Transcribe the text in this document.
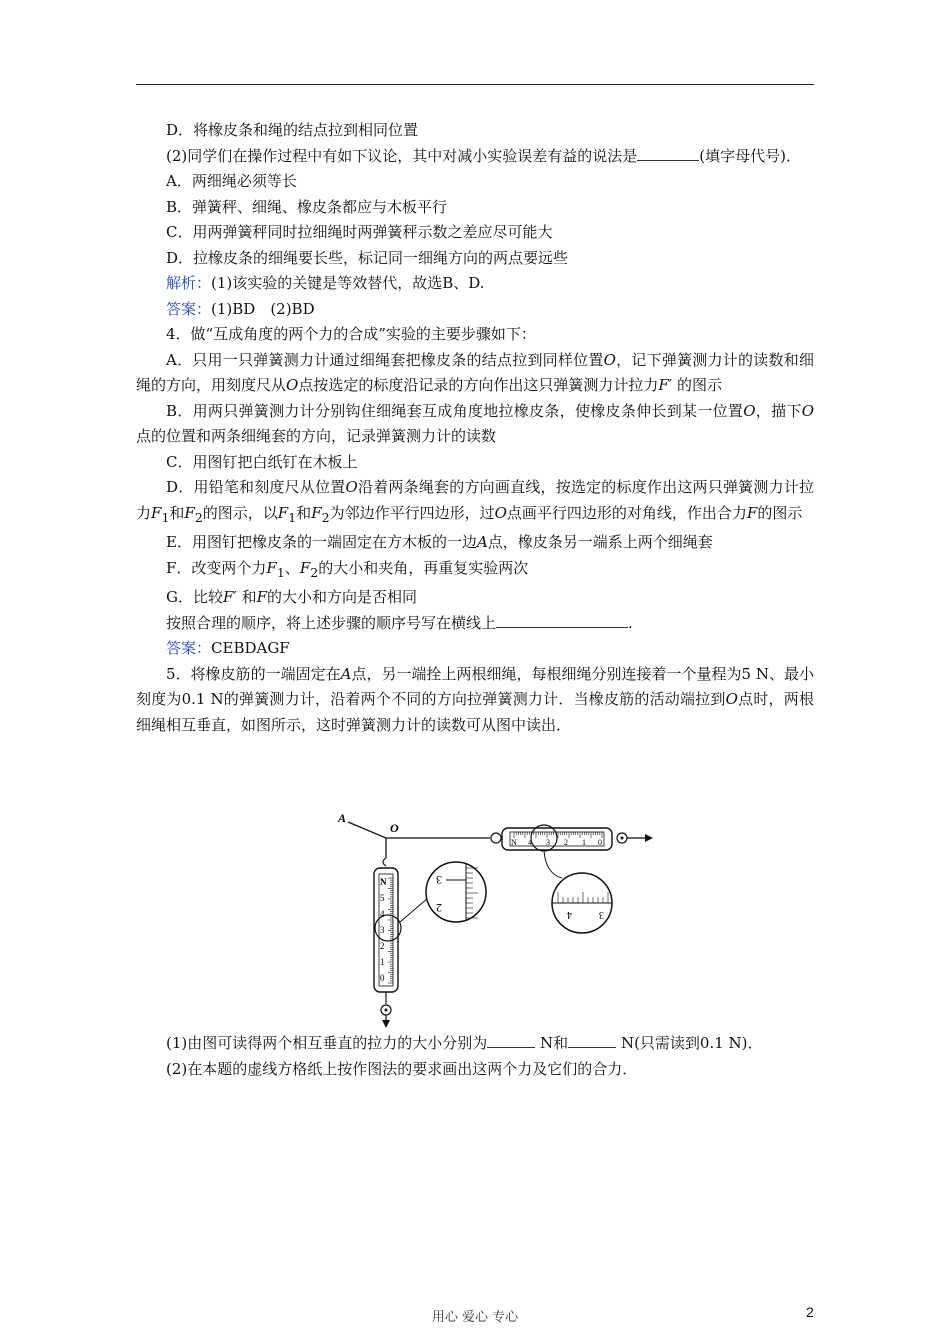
D．将橡皮条和绳的结点拉到相同位置

(2)同学们在操作过程中有如下议论，其中对减小实验误差有益的说法是	(填字母代号)．

A．两细绳必须等长

B．弹簧秤、细绳、橡皮条都应与木板平行

C．用两弹簧秤同时拉细绳时两弹簧秤示数之差应尽可能大

D．拉橡皮条的细绳要长些，标记同一细绳方向的两点要远些

解析：(1)该实验的关键是等效替代，故选B、D.

答案：(1)BD　(2)BD

4．做“互成角度的两个力的合成”实验的主要步骤如下：

A．只用一只弹簧测力计通过细绳套把橡皮条的结点拉到同样位置O，记下弹簧测力计的读数和细绳的方向，用刻度尺从O点按选定的标度沿记录的方向作出这只弹簧测力计拉力F′ 的图示

B．用两只弹簧测力计分别钩住细绳套互成角度地拉橡皮条，使橡皮条伸长到某一位置O，描下O点的位置和两条细绳套的方向，记录弹簧测力计的读数

C．用图钉把白纸钉在木板上

D．用铅笔和刻度尺从位置O沿着两条绳套的方向画直线，按选定的标度作出这两只弹簧测力计拉力$F_1$和$F_2$的图示，以$F_1$和$F_2$为邻边作平行四边形，过O点画平行四边形的对角线，作出合力F的图示

E．用图钉把橡皮条的一端固定在方木板的一边A点，橡皮条另一端系上两个细绳套

F．改变两个力$F_1$、$F_2$的大小和夹角，再重复实验两次

G．比较F′ 和F的大小和方向是否相同

按照合理的顺序，将上述步骤的顺序号写在横线上	.

答案：CEBDAGF

5．将橡皮筋的一端固定在A点，另一端拴上两根细绳，每根细绳分别连接着一个量程为5 N、最小刻度为0.1 N的弹簧测力计，沿着两个不同的方向拉弹簧测力计．当橡皮筋的活动端拉到O点时，两根细绳相互垂直，如图所示，这时弹簧测力计的读数可从图中读出．

A
O
N 4 3 2 1 0
4	3
N
5
4
3
2
1
0
3
2

(1)由图可读得两个相互垂直的拉力的大小分别为	N和	N(只需读到0.1 N)．

(2)在本题的虚线方格纸上按作图法的要求画出这两个力及它们的合力．

用心 爱心 专心	2
